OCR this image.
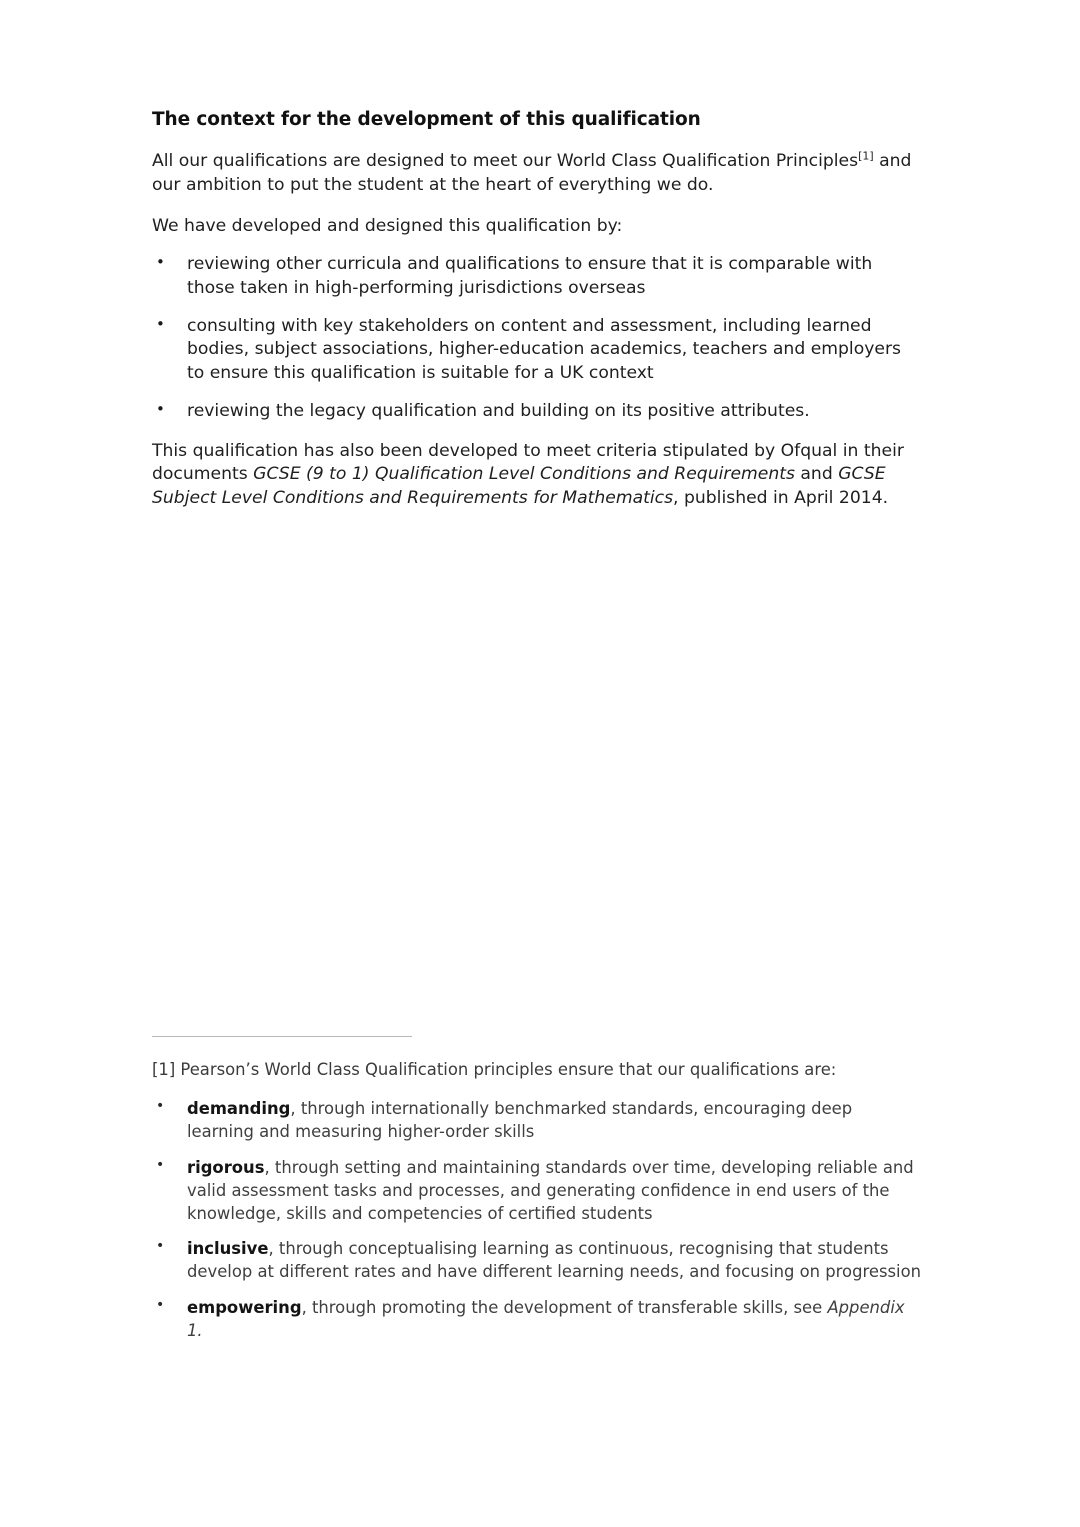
The context for the development of this qualification

All our qualifications are designed to meet our World Class Qualification Principles[1] and our ambition to put the student at the heart of everything we do.

We have developed and designed this qualification by:

• reviewing other curricula and qualifications to ensure that it is comparable with those taken in high-performing jurisdictions overseas
• consulting with key stakeholders on content and assessment, including learned bodies, subject associations, higher-education academics, teachers and employers to ensure this qualification is suitable for a UK context
• reviewing the legacy qualification and building on its positive attributes.

This qualification has also been developed to meet criteria stipulated by Ofqual in their documents GCSE (9 to 1) Qualification Level Conditions and Requirements and GCSE Subject Level Conditions and Requirements for Mathematics, published in April 2014.

[1] Pearson’s World Class Qualification principles ensure that our qualifications are:

• demanding, through internationally benchmarked standards, encouraging deep learning and measuring higher-order skills
• rigorous, through setting and maintaining standards over time, developing reliable and valid assessment tasks and processes, and generating confidence in end users of the knowledge, skills and competencies of certified students
• inclusive, through conceptualising learning as continuous, recognising that students develop at different rates and have different learning needs, and focusing on progression
• empowering, through promoting the development of transferable skills, see Appendix 1.
